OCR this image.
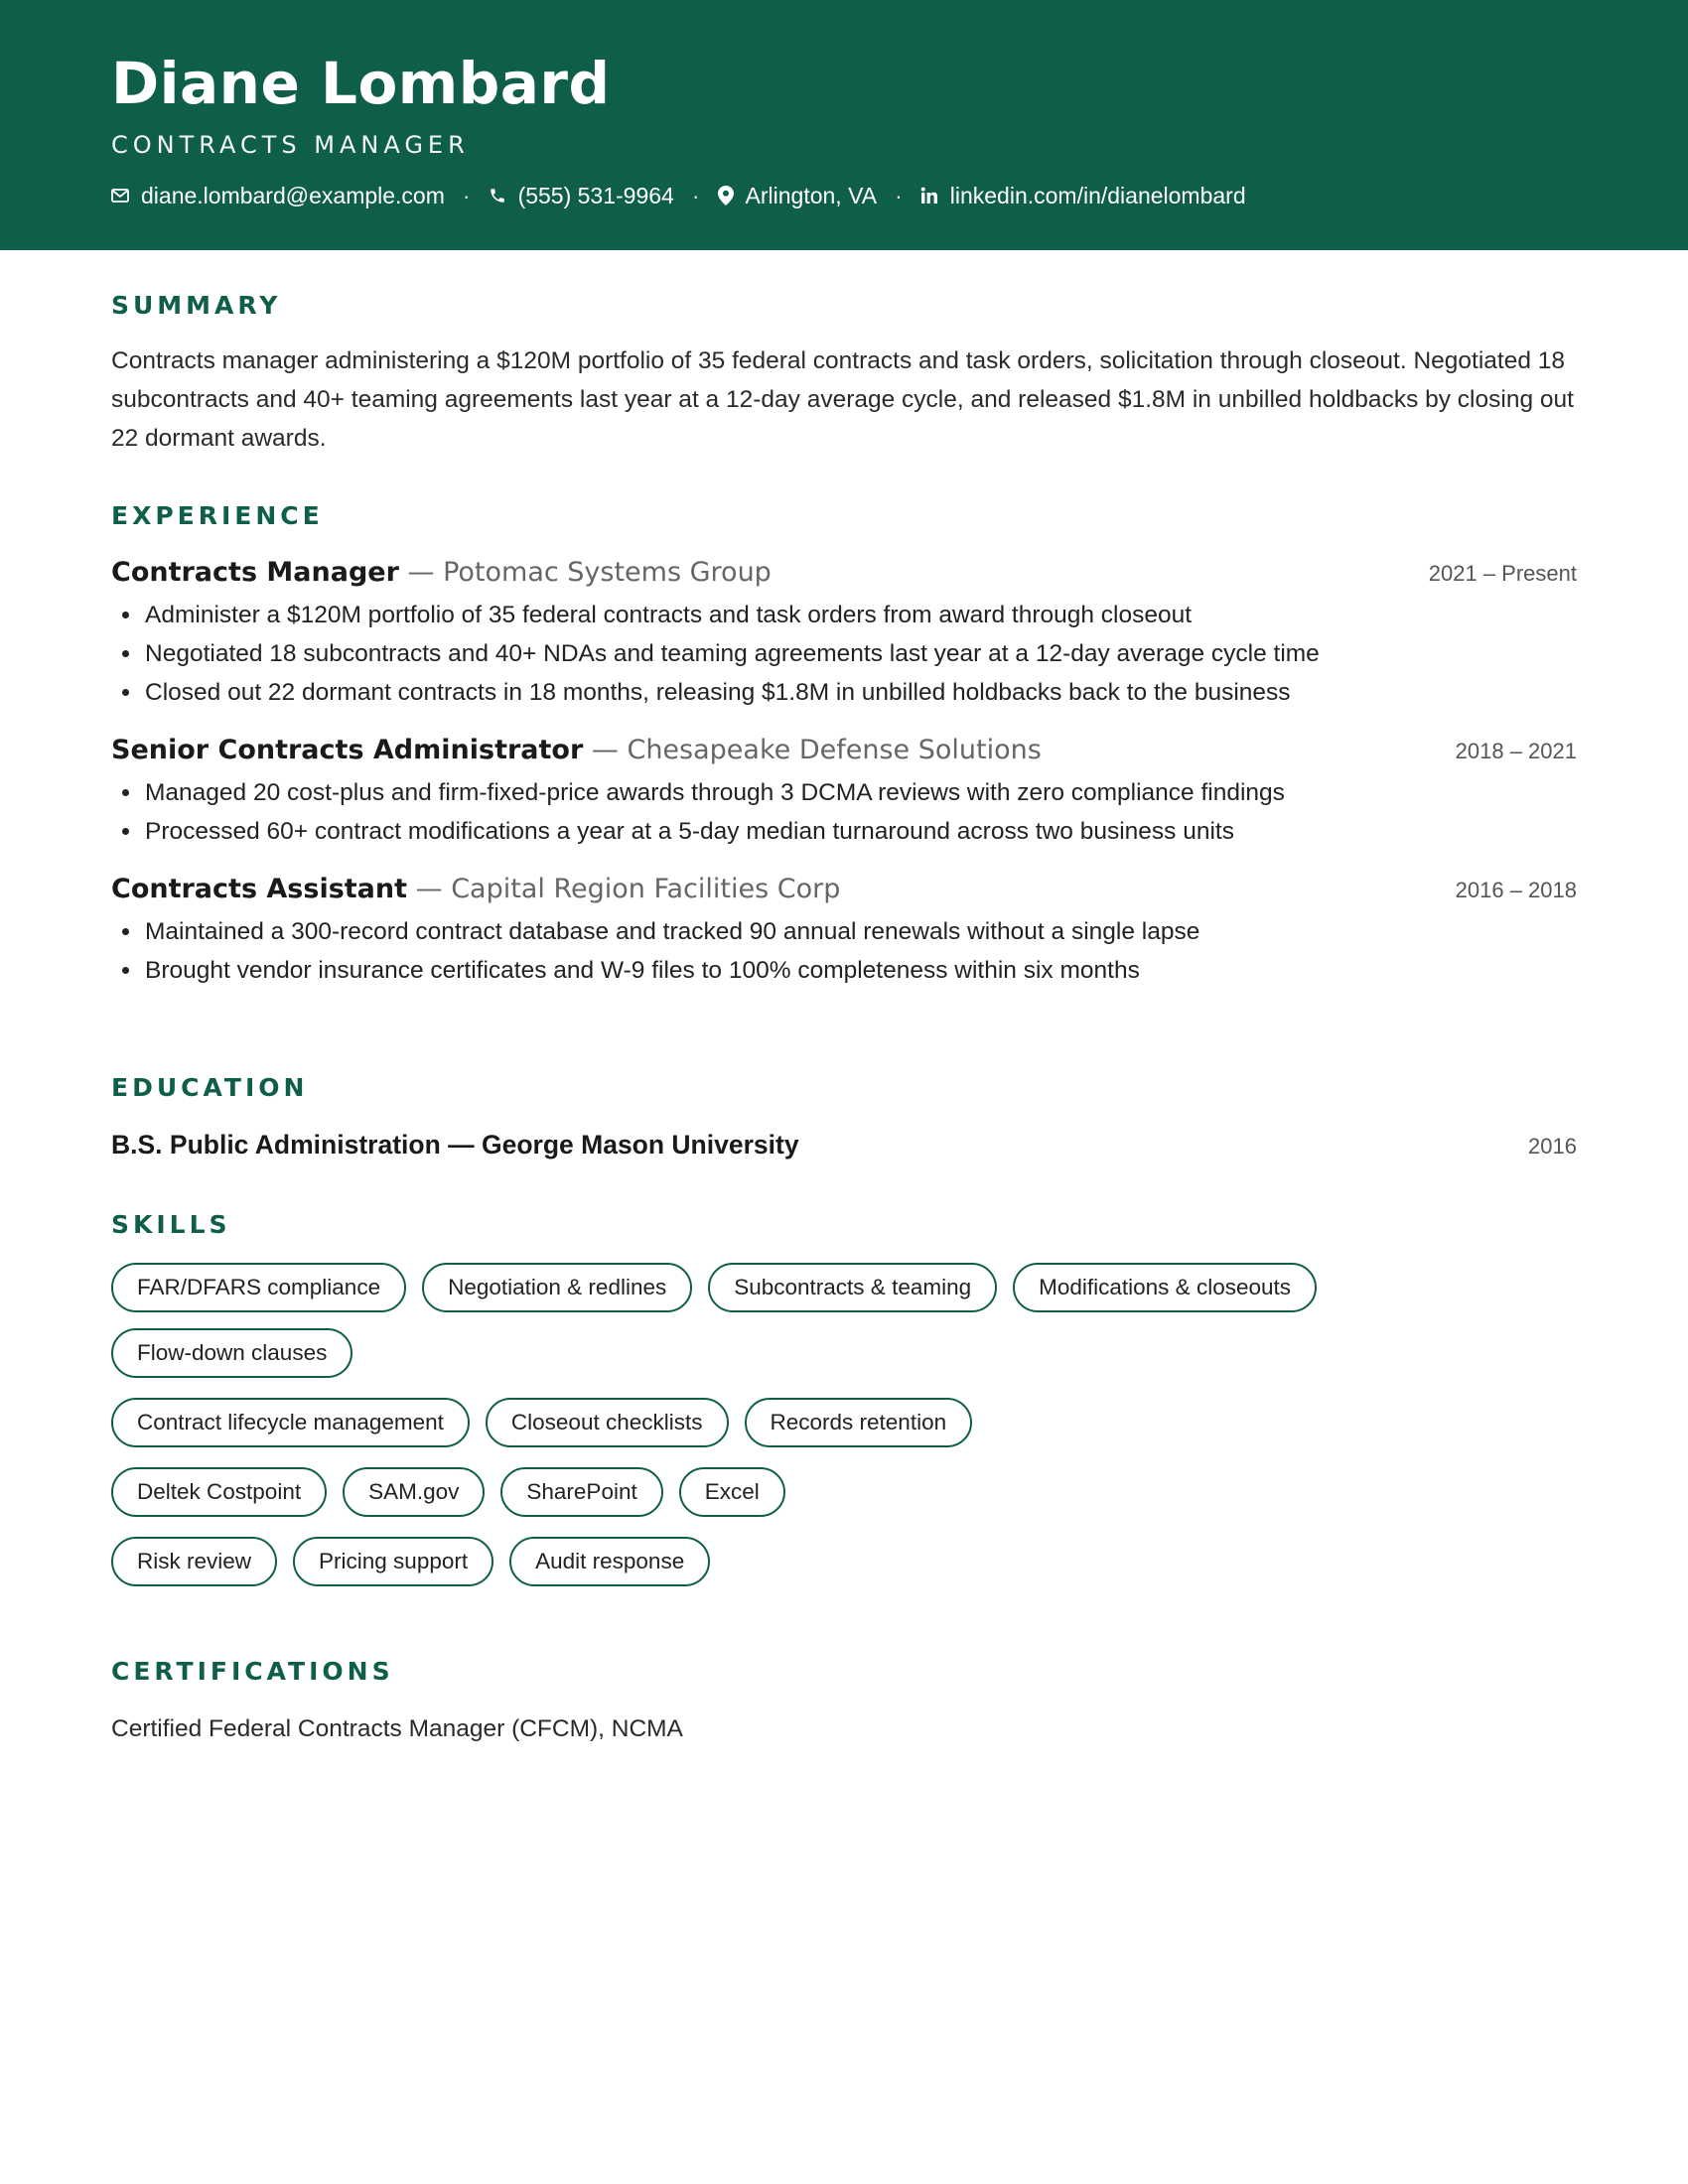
Diane Lombard
CONTRACTS MANAGER
diane.lombard@example.com · (555) 531-9964 · Arlington, VA · linkedin.com/in/dianelombard
SUMMARY

Contracts manager administering a $120M portfolio of 35 federal contracts and task orders, solicitation through closeout. Negotiated 18 subcontracts and 40+ teaming agreements last year at a 12-day average cycle, and released $1.8M in unbilled holdbacks by closing out 22 dormant awards.

EXPERIENCE
Contracts Manager — Potomac Systems Group	2021 – Present
• Administer a $120M portfolio of 35 federal contracts and task orders from award through closeout
• Negotiated 18 subcontracts and 40+ NDAs and teaming agreements last year at a 12-day average cycle time
• Closed out 22 dormant contracts in 18 months, releasing $1.8M in unbilled holdbacks back to the business
Senior Contracts Administrator — Chesapeake Defense Solutions	2018 – 2021
• Managed 20 cost-plus and firm-fixed-price awards through 3 DCMA reviews with zero compliance findings
• Processed 60+ contract modifications a year at a 5-day median turnaround across two business units
Contracts Assistant — Capital Region Facilities Corp	2016 – 2018
• Maintained a 300-record contract database and tracked 90 annual renewals without a single lapse
• Brought vendor insurance certificates and W-9 files to 100% completeness within six months
EDUCATION
B.S. Public Administration — George Mason University	2016
SKILLS
FAR/DFARS compliance	Negotiation & redlines	Subcontracts & teaming	Modifications & closeouts
Flow-down clauses
Contract lifecycle management	Closeout checklists	Records retention
Deltek Costpoint	SAM.gov	SharePoint	Excel
Risk review	Pricing support	Audit response
CERTIFICATIONS
Certified Federal Contracts Manager (CFCM), NCMA
